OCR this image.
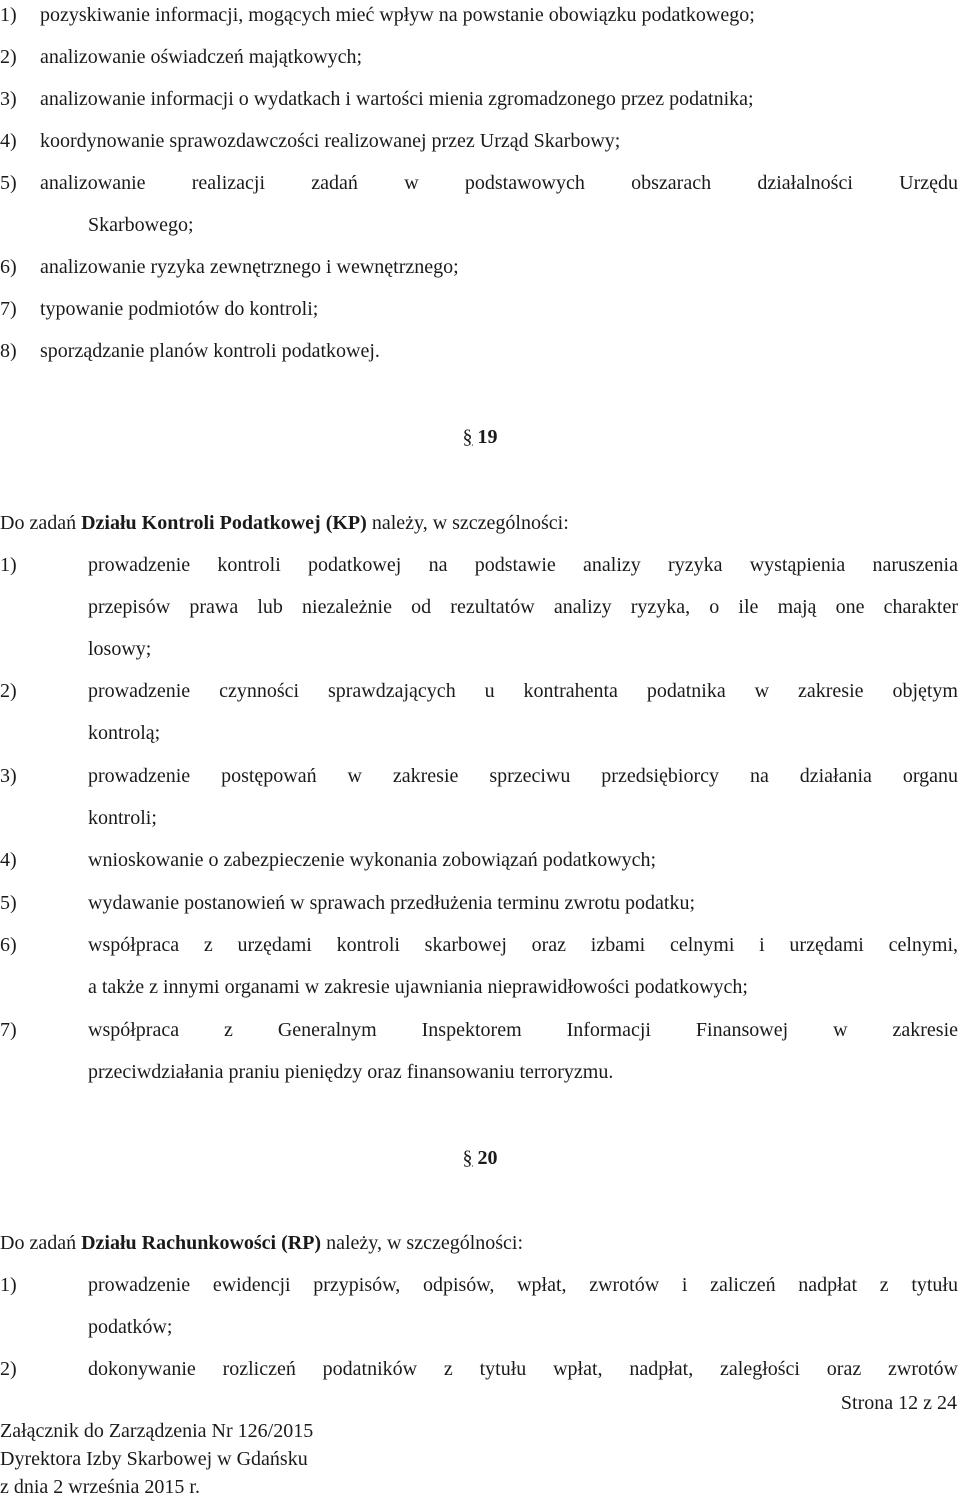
1) pozyskiwanie informacji, mogących mieć wpływ na powstanie obowiązku podatkowego;
2) analizowanie oświadczeń majątkowych;
3) analizowanie informacji o wydatkach i wartości mienia zgromadzonego przez podatnika;
4) koordynowanie sprawozdawczości realizowanej przez Urząd Skarbowy;
5) analizowanie realizacji zadań w podstawowych obszarach działalności Urzędu
Skarbowego;
6) analizowanie ryzyka zewnętrznego i wewnętrznego;
7) typowanie podmiotów do kontroli;
8) sporządzanie planów kontroli podatkowej.
§ 19
Do zadań Działu Kontroli Podatkowej (KP) należy, w szczególności:
1)	prowadzenie kontroli podatkowej na podstawie analizy ryzyka wystąpienia naruszenia
przepisów prawa lub niezależnie od rezultatów analizy ryzyka, o ile mają one charakter
losowy;
2)	prowadzenie czynności sprawdzających u kontrahenta podatnika w zakresie objętym
kontrolą;
3)	prowadzenie postępowań w zakresie sprzeciwu przedsiębiorcy na działania organu
kontroli;
4)	wnioskowanie o zabezpieczenie wykonania zobowiązań podatkowych;
5)	wydawanie postanowień w sprawach przedłużenia terminu zwrotu podatku;
6)	współpraca z urzędami kontroli skarbowej oraz izbami celnymi i urzędami celnymi,
a także z innymi organami w zakresie ujawniania nieprawidłowości podatkowych;
7)	współpraca z Generalnym Inspektorem Informacji Finansowej w zakresie
przeciwdziałania praniu pieniędzy oraz finansowaniu terroryzmu.
§ 20
Do zadań Działu Rachunkowości (RP) należy, w szczególności:
1)	prowadzenie ewidencji przypisów, odpisów, wpłat, zwrotów i zaliczeń nadpłat z tytułu
podatków;
2)	dokonywanie rozliczeń podatników z tytułu wpłat, nadpłat, zaległości oraz zwrotów
Strona 12 z 24
Załącznik do Zarządzenia Nr 126/2015
Dyrektora Izby Skarbowej w Gdańsku
z dnia 2 września 2015 r.
